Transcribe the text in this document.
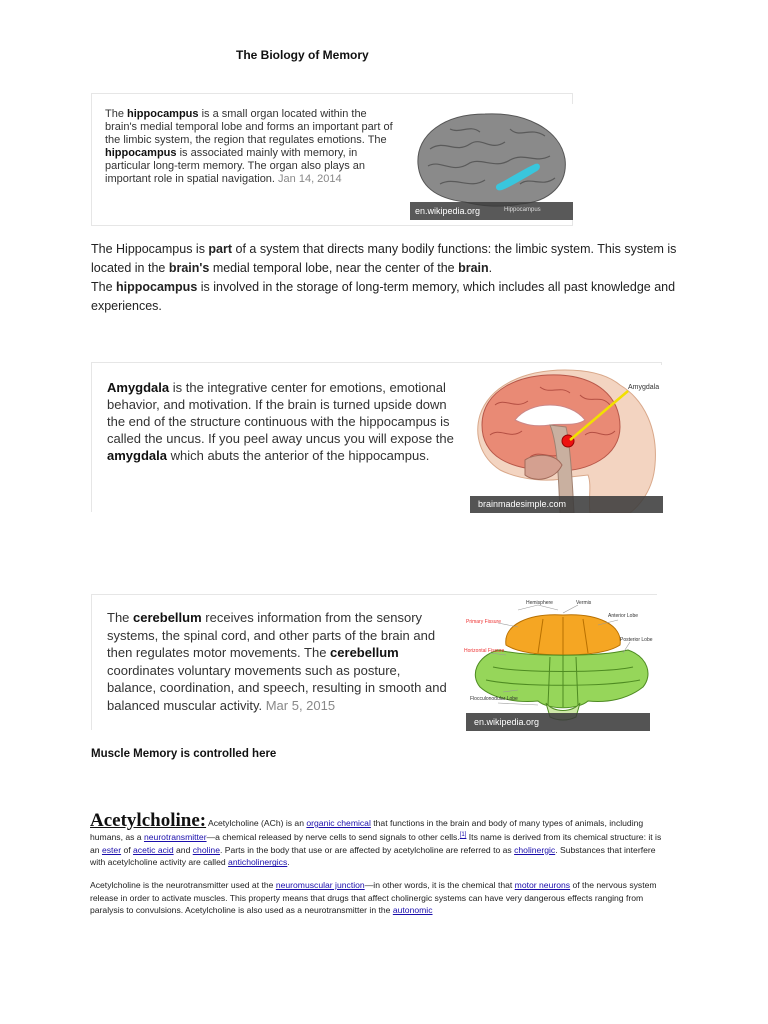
The Biology of Memory
The hippocampus is a small organ located within the brain's medial temporal lobe and forms an important part of the limbic system, the region that regulates emotions. The hippocampus is associated mainly with memory, in particular long-term memory. The organ also plays an important role in spatial navigation. Jan 14, 2014
en.wikipedia.org	Hippocampus
The Hippocampus is part of a system that directs many bodily functions: the limbic system. This system is located in the brain's medial temporal lobe, near the center of the brain.
The hippocampus is involved in the storage of long-term memory, which includes all past knowledge and experiences.
Amygdala is the integrative center for emotions, emotional behavior, and motivation. If the brain is turned upside down the end of the structure continuous with the hippocampus is called the uncus. If you peel away uncus you will expose the amygdala which abuts the anterior of the hippocampus.
Amygdala
brainmadesimple.com
The cerebellum receives information from the sensory systems, the spinal cord, and other parts of the brain and then regulates motor movements. The cerebellum coordinates voluntary movements such as posture, balance, coordination, and speech, resulting in smooth and balanced muscular activity. Mar 5, 2015
Hemisphere	Vermis
Anterior Lobe
Posterior Lobe
Primary Fissure
Horizontal Fissure
Flocculonodular Lobe
en.wikipedia.org
Muscle Memory is controlled here
Acetylcholine: Acetylcholine (ACh) is an organic chemical that functions in the brain and body of many types of animals, including humans, as a neurotransmitter—a chemical released by nerve cells to send signals to other cells.[1] Its name is derived from its chemical structure: it is an ester of acetic acid and choline. Parts in the body that use or are affected by acetylcholine are referred to as cholinergic. Substances that interfere with acetylcholine activity are called anticholinergics.
Acetylcholine is the neurotransmitter used at the neuromuscular junction—in other words, it is the chemical that motor neurons of the nervous system release in order to activate muscles. This property means that drugs that affect cholinergic systems can have very dangerous effects ranging from paralysis to convulsions. Acetylcholine is also used as a neurotransmitter in the autonomic
